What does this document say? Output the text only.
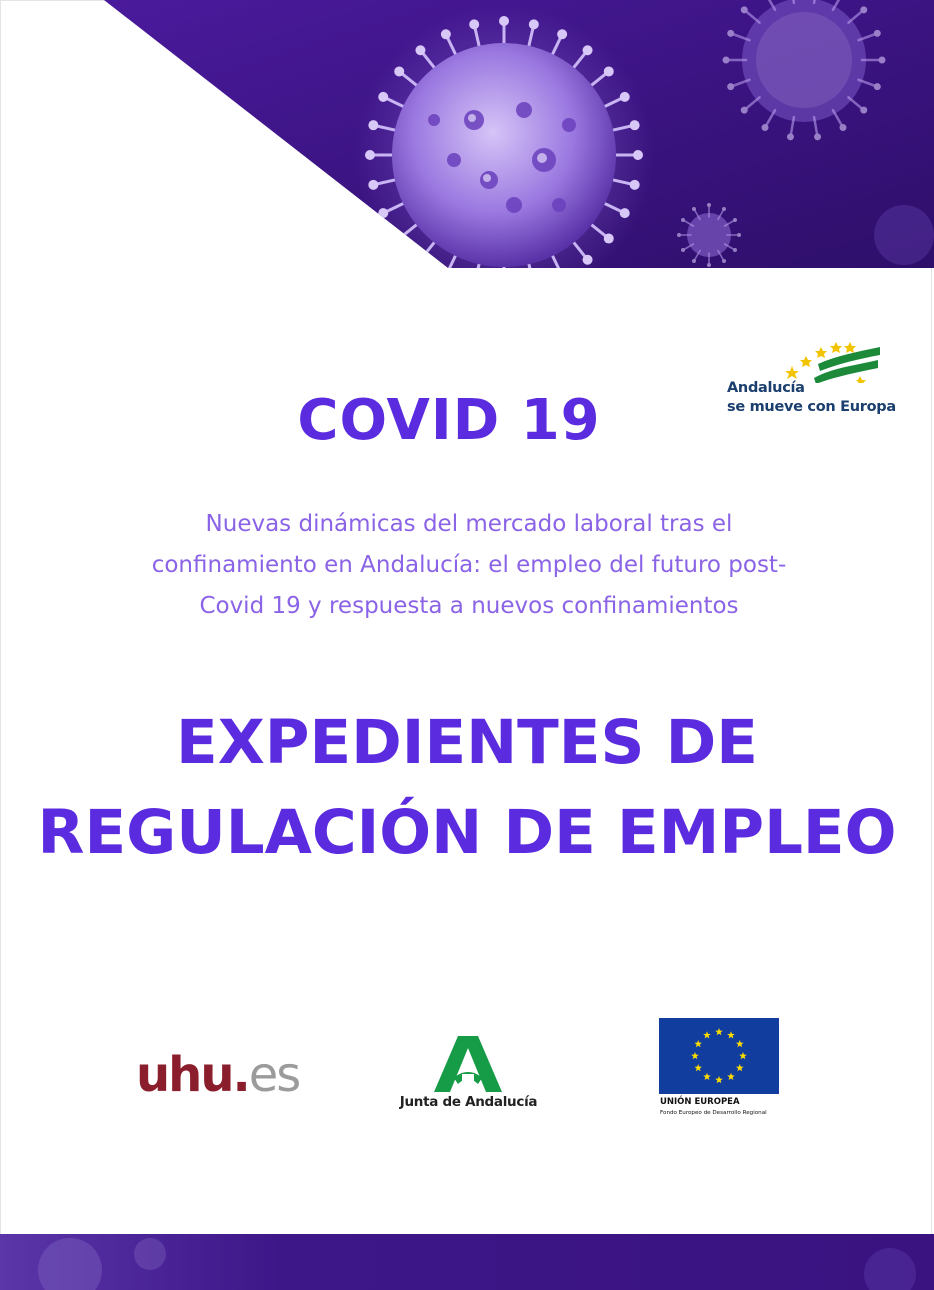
Andalucía
se mueve con Europa
COVID 19
Nuevas dinámicas del mercado laboral tras el
confinamiento en Andalucía: el empleo del futuro post-
Covid 19 y respuesta a nuevos confinamientos
EXPEDIENTES DE
REGULACIÓN DE EMPLEO
uhu.es	Junta de Andalucía	UNIÓN EUROPEA
Fondo Europeo de Desarrollo Regional
